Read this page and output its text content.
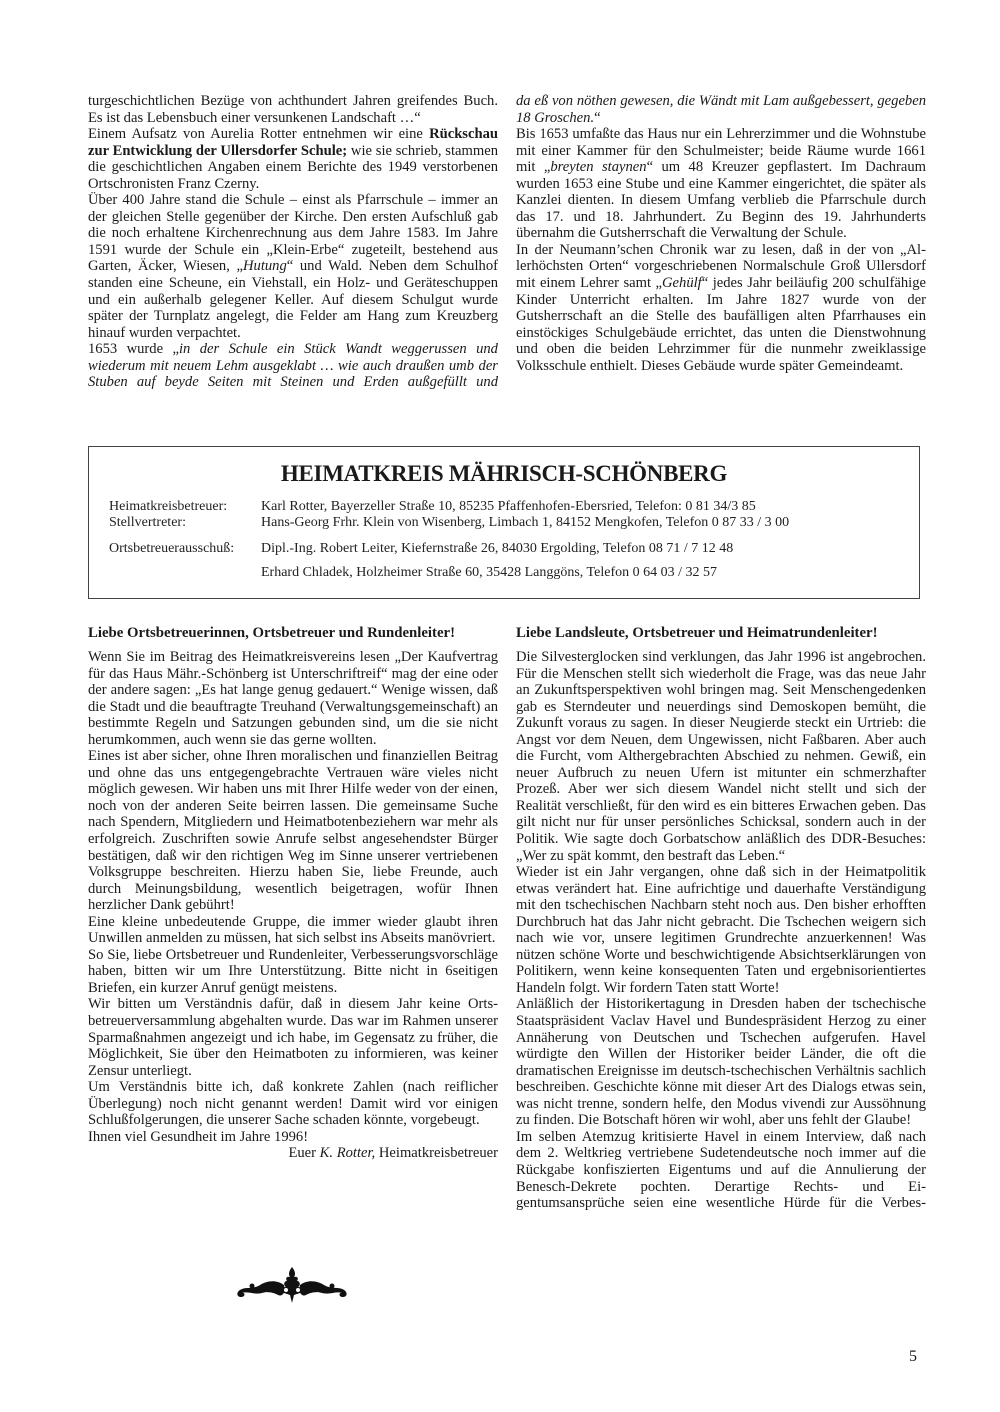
turgeschichtlichen Bezüge von achthundert Jahren greifendes Buch. Es ist das Lebensbuch einer versunkenen Landschaft …“

Einem Aufsatz von Aurelia Rotter entnehmen wir eine Rückschau zur Entwicklung der Ullersdorfer Schule; wie sie schrieb, stammen die geschichtlichen Angaben einem Berichte des 1949 verstorbenen Ortschronisten Franz Czerny.

Über 400 Jahre stand die Schule – einst als Pfarrschule – immer an der gleichen Stelle gegenüber der Kirche. Den ersten Aufschluß gab die noch erhaltene Kirchenrechnung aus dem Jahre 1583. Im Jahre 1591 wurde der Schule ein „Klein-Erbe“ zugeteilt, bestehend aus Garten, Äcker, Wiesen, „Hutung“ und Wald. Neben dem Schulhof standen eine Scheune, ein Viehstall, ein Holz- und Geräteschuppen und ein außerhalb gelegener Keller. Auf diesem Schulgut wurde später der Turnplatz angelegt, die Felder am Hang zum Kreuzberg hinauf wurden verpachtet.

1653 wurde „in der Schule ein Stück Wandt weggerussen und wiederum mit neuem Lehm ausgeklabt … wie auch draußen umb der Stuben auf beyde Seiten mit Steinen und Erden außgefüllt und

da eß von nöthen gewesen, die Wändt mit Lam außgebessert, gegeben 18 Groschen.“

Bis 1653 umfaßte das Haus nur ein Lehrerzimmer und die Wohnstube mit einer Kammer für den Schulmeister; beide Räume wurde 1661 mit „breyten staynen“ um 48 Kreuzer gepflastert. Im Dachraum wurden 1653 eine Stube und eine Kammer eingerichtet, die später als Kanzlei dienten. In diesem Umfang verblieb die Pfarrschule durch das 17. und 18. Jahrhundert. Zu Beginn des 19. Jahrhunderts übernahm die Gutsherrschaft die Verwaltung der Schule.

In der Neumann’schen Chronik war zu lesen, daß in der von „Allerhöchsten Orten“ vorgeschriebenen Normalschule Groß Ullersdorf mit einem Lehrer samt „Gehülf“ jedes Jahr beiläufig 200 schulfähige Kinder Unterricht erhalten. Im Jahre 1827 wurde von der Gutsherrschaft an die Stelle des baufälligen alten Pfarrhauses ein einstöckiges Schulgebäude errichtet, das unten die Dienstwohnung und oben die beiden Lehrzimmer für die nunmehr zweiklassige Volksschule enthielt. Dieses Gebäude wurde später Gemeindeamt.

HEIMATKREIS MÄHRISCH-SCHÖNBERG
Heimatkreisbetreuer: Karl Rotter, Bayerzeller Straße 10, 85235 Pfaffenhofen-Ebersried, Telefon: 0 81 34/3 85
Stellvertreter:	Hans-Georg Frhr. Klein von Wisenberg, Limbach 1, 84152 Mengkofen, Telefon 0 87 33 / 3 00
Ortsbetreuerausschuß: Dipl.-Ing. Robert Leiter, Kiefernstraße 26, 84030 Ergolding, Telefon 08 71 / 7 12 48
Erhard Chladek, Holzheimer Straße 60, 35428 Langgöns, Telefon 0 64 03 / 32 57

Liebe Ortsbetreuerinnen, Ortsbetreuer und Rundenleiter!

Wenn Sie im Beitrag des Heimatkreisvereins lesen „Der Kaufvertrag für das Haus Mähr.-Schönberg ist Unterschriftreif“ mag der eine oder der andere sagen: „Es hat lange genug gedauert.“ Wenige wissen, daß die Stadt und die beauftragte Treuhand (Verwaltungsgemeinschaft) an bestimmte Regeln und Satzungen gebunden sind, um die sie nicht herumkommen, auch wenn sie das gerne wollten.

Eines ist aber sicher, ohne Ihren moralischen und finanziellen Beitrag und ohne das uns entgegengebrachte Vertrauen wäre vieles nicht möglich gewesen. Wir haben uns mit Ihrer Hilfe weder von der einen, noch von der anderen Seite beirren lassen. Die gemeinsame Suche nach Spendern, Mitgliedern und Heimatbotenbeziehern war mehr als erfolgreich. Zuschriften sowie Anrufe selbst angesehendster Bürger bestätigen, daß wir den richtigen Weg im Sinne unserer vertriebenen Volksgruppe beschreiten. Hierzu haben Sie, liebe Freunde, auch durch Meinungsbildung, wesentlich beigetragen, wofür Ihnen herzlicher Dank gebührt!

Eine kleine unbedeutende Gruppe, die immer wieder glaubt ihren Unwillen anmelden zu müssen, hat sich selbst ins Abseits manövriert.

So Sie, liebe Ortsbetreuer und Rundenleiter, Verbesserungsvorschläge haben, bitten wir um Ihre Unterstützung. Bitte nicht in 6seitigen Briefen, ein kurzer Anruf genügt meistens.

Wir bitten um Verständnis dafür, daß in diesem Jahr keine Ortsbetreuerversammlung abgehalten wurde. Das war im Rahmen unserer Sparmaßnahmen angezeigt und ich habe, im Gegensatz zu früher, die Möglichkeit, Sie über den Heimatboten zu informieren, was keiner Zensur unterliegt.

Um Verständnis bitte ich, daß konkrete Zahlen (nach reiflicher Überlegung) noch nicht genannt werden! Damit wird vor einigen Schlußfolgerungen, die unserer Sache schaden könnte, vorgebeugt.

Ihnen viel Gesundheit im Jahre 1996!

Euer K. Rotter, Heimatkreisbetreuer

Liebe Landsleute, Ortsbetreuer und Heimatrundenleiter!

Die Silvesterglocken sind verklungen, das Jahr 1996 ist angebrochen. Für die Menschen stellt sich wiederholt die Frage, was das neue Jahr an Zukunftsperspektiven wohl bringen mag. Seit Menschengedenken gab es Sterndeuter und neuerdings sind Demoskopen bemüht, die Zukunft voraus zu sagen. In dieser Neugierde steckt ein Urtrieb: die Angst vor dem Neuen, dem Ungewissen, nicht Faßbaren. Aber auch die Furcht, vom Althergebrachten Abschied zu nehmen. Gewiß, ein neuer Aufbruch zu neuen Ufern ist mitunter ein schmerzhafter Prozeß. Aber wer sich diesem Wandel nicht stellt und sich der Realität verschließt, für den wird es ein bitteres Erwachen geben. Das gilt nicht nur für unser persönliches Schicksal, sondern auch in der Politik. Wie sagte doch Gorbatschow anläßlich des DDR-Besuches: „Wer zu spät kommt, den bestraft das Leben.“

Wieder ist ein Jahr vergangen, ohne daß sich in der Heimatpolitik etwas verändert hat. Eine aufrichtige und dauerhafte Verständigung mit den tschechischen Nachbarn steht noch aus. Den bisher erhofften Durchbruch hat das Jahr nicht gebracht. Die Tschechen weigern sich nach wie vor, unsere legitimen Grundrechte anzuerkennen! Was nützen schöne Worte und beschwichtigende Absichtserklärungen von Politikern, wenn keine konsequenten Taten und ergebnisorientiertes Handeln folgt. Wir fordern Taten statt Worte!

Anläßlich der Historikertagung in Dresden haben der tschechische Staatspräsident Vaclav Havel und Bundespräsident Herzog zu einer Annäherung von Deutschen und Tschechen aufgerufen. Havel würdigte den Willen der Historiker beider Länder, die oft die dramatischen Ereignisse im deutsch-tschechischen Verhältnis sachlich beschreiben. Geschichte könne mit dieser Art des Dialogs etwas sein, was nicht trenne, sondern helfe, den Modus vivendi zur Aussöhnung zu finden. Die Botschaft hören wir wohl, aber uns fehlt der Glaube!

Im selben Atemzug kritisierte Havel in einem Interview, daß nach dem 2. Weltkrieg vertriebene Sudetendeutsche noch immer auf die Rückgabe konfiszierten Eigentums und auf die Annulierung der Benesch-Dekrete pochten. Derartige Rechts- und Eigentumsansprüche seien eine wesentliche Hürde für die Verbes-

5
